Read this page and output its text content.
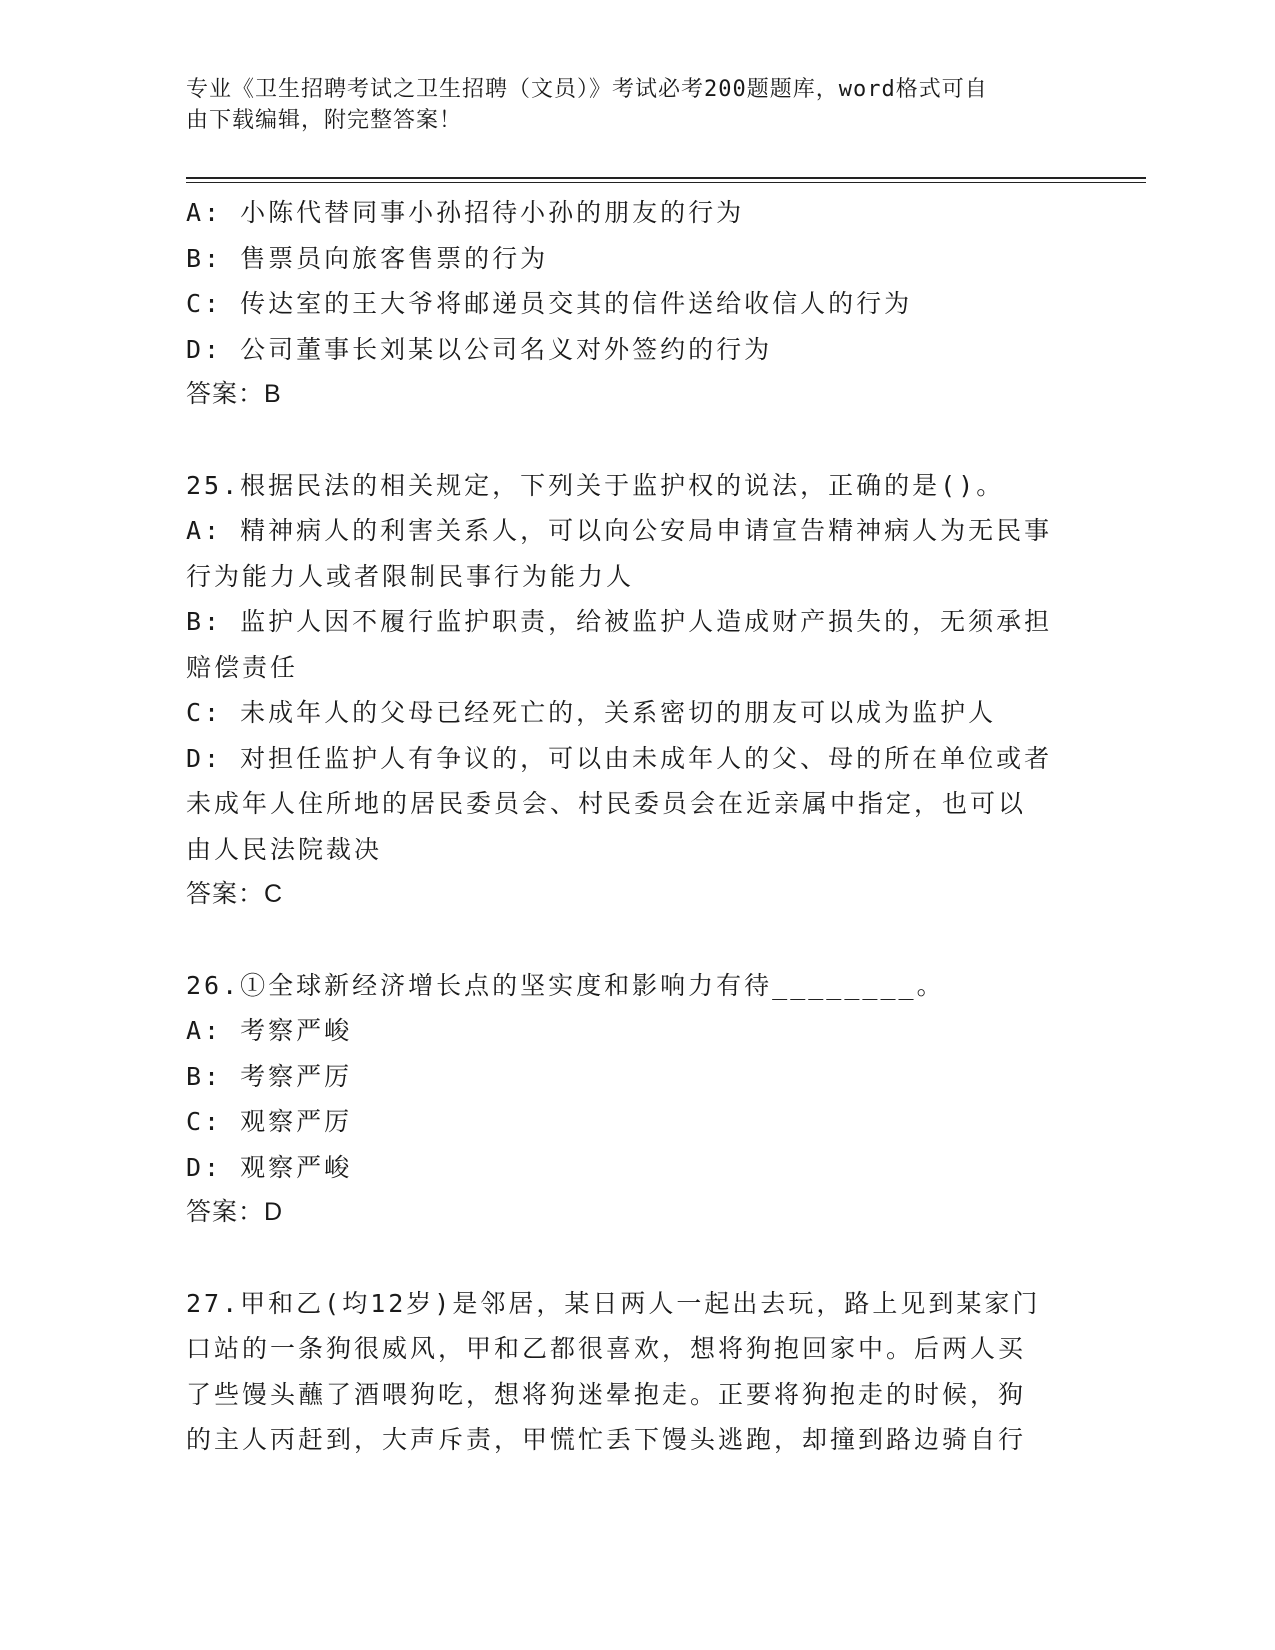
专业《卫生招聘考试之卫生招聘（文员）》考试必考200题题库，word格式可自
由下载编辑，附完整答案！
A: 小陈代替同事小孙招待小孙的朋友的行为
B: 售票员向旅客售票的行为
C: 传达室的王大爷将邮递员交其的信件送给收信人的行为
D: 公司董事长刘某以公司名义对外签约的行为
答案：B
25.根据民法的相关规定，下列关于监护权的说法，正确的是()。
A: 精神病人的利害关系人，可以向公安局申请宣告精神病人为无民事
行为能力人或者限制民事行为能力人
B: 监护人因不履行监护职责，给被监护人造成财产损失的，无须承担
赔偿责任
C: 未成年人的父母已经死亡的，关系密切的朋友可以成为监护人
D: 对担任监护人有争议的，可以由未成年人的父、母的所在单位或者
未成年人住所地的居民委员会、村民委员会在近亲属中指定，也可以
由人民法院裁决
答案：C
26.①全球新经济增长点的坚实度和影响力有待________。
A: 考察严峻
B: 考察严厉
C: 观察严厉
D: 观察严峻
答案：D
27.甲和乙(均12岁)是邻居，某日两人一起出去玩，路上见到某家门
口站的一条狗很威风，甲和乙都很喜欢，想将狗抱回家中。后两人买
了些馒头蘸了酒喂狗吃，想将狗迷晕抱走。正要将狗抱走的时候，狗
的主人丙赶到，大声斥责，甲慌忙丢下馒头逃跑，却撞到路边骑自行
